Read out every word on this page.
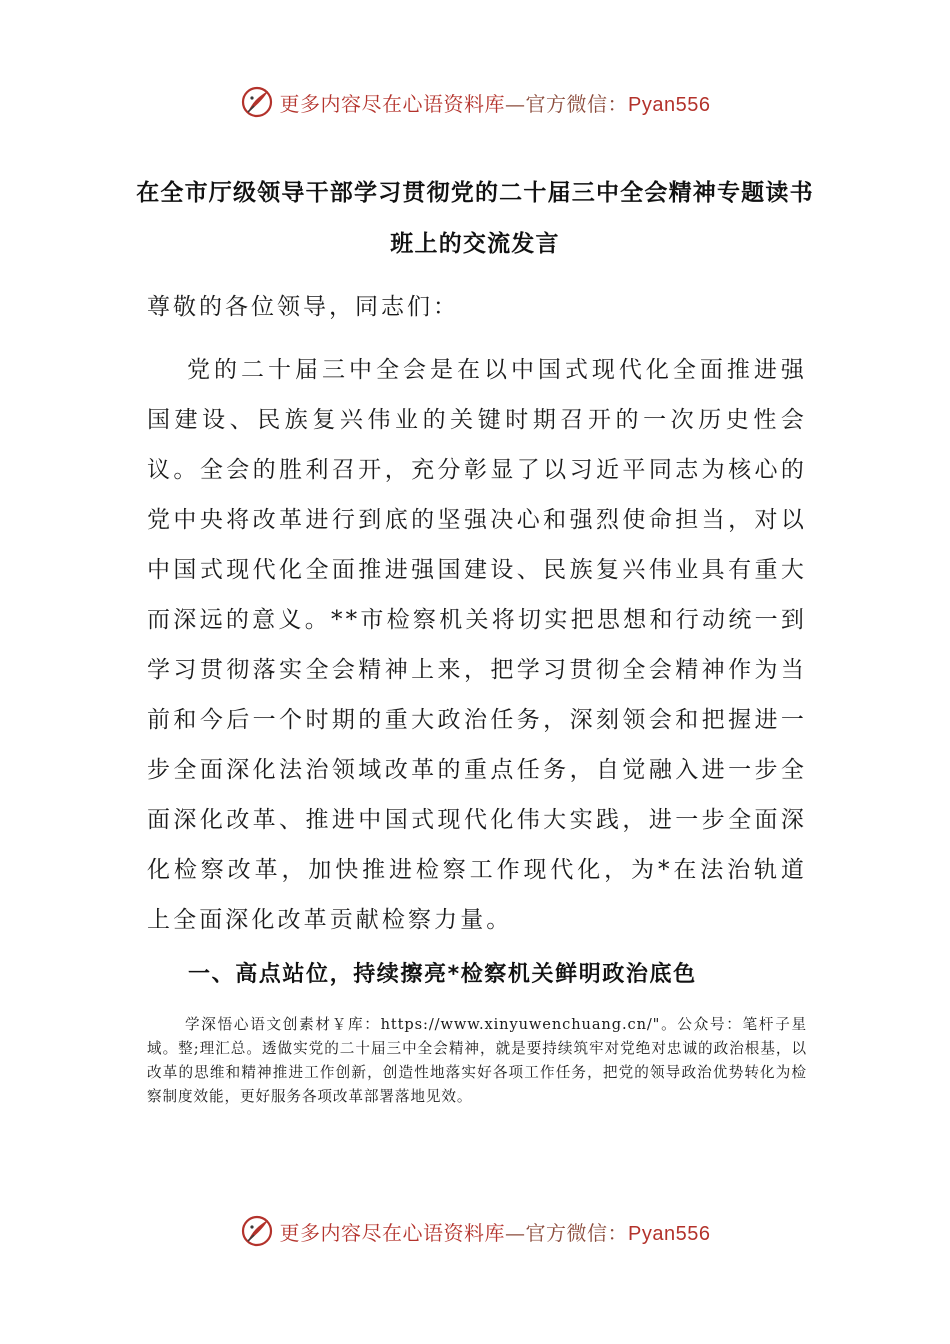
更多内容尽在心语资料库—官方微信：Pyan556
在全市厅级领导干部学习贯彻党的二十届三中全会精神专题读书班上的交流发言
尊敬的各位领导，同志们：

党的二十届三中全会是在以中国式现代化全面推进强国建设、民族复兴伟业的关键时期召开的一次历史性会议。全会的胜利召开，充分彰显了以习近平同志为核心的党中央将改革进行到底的坚强决心和强烈使命担当，对以中国式现代化全面推进强国建设、民族复兴伟业具有重大而深远的意义。**市检察机关将切实把思想和行动统一到学习贯彻落实全会精神上来，把学习贯彻全会精神作为当前和今后一个时期的重大政治任务，深刻领会和把握进一步全面深化法治领域改革的重点任务，自觉融入进一步全面深化改革、推进中国式现代化伟大实践，进一步全面深化检察改革，加快推进检察工作现代化，为*在法治轨道上全面深化改革贡献检察力量。

一、高点站位，持续擦亮*检察机关鲜明政治底色

学深悟心语文创素材￥库：https://www.xinyuwenchuang.cn/"。公众号：笔杆子星域。整;理汇总。透做实党的二十届三中全会精神，就是要持续筑牢对党绝对忠诚的政治根基，以改革的思维和精神推进工作创新，创造性地落实好各项工作任务，把党的领导政治优势转化为检察制度效能，更好服务各项改革部署落地见效。

更多内容尽在心语资料库—官方微信：Pyan556
